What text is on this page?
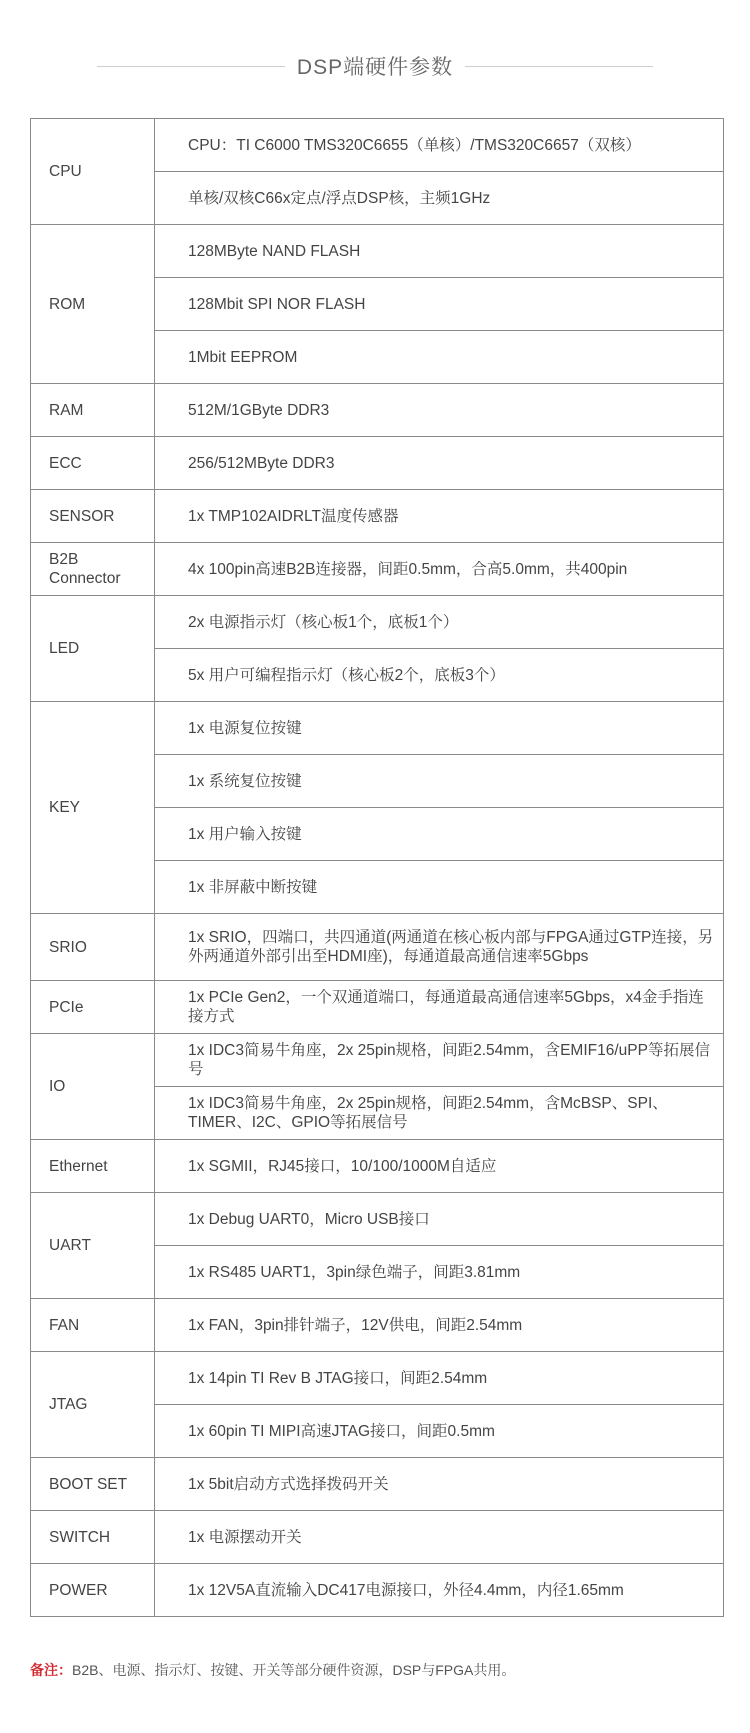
DSP端硬件参数
CPU	CPU：TI C6000 TMS320C6655（单核）/TMS320C6657（双核）
	单核/双核C66x定点/浮点DSP核，主频1GHz
ROM	128MByte NAND FLASH
	128Mbit SPI NOR FLASH
	1Mbit EEPROM
RAM	512M/1GByte DDR3
ECC	256/512MByte DDR3
SENSOR	1x TMP102AIDRLT温度传感器
B2B Connector	4x 100pin高速B2B连接器，间距0.5mm，合高5.0mm，共400pin
LED	2x 电源指示灯（核心板1个，底板1个）
	5x 用户可编程指示灯（核心板2个，底板3个）
KEY	1x 电源复位按键
	1x 系统复位按键
	1x 用户输入按键
	1x 非屏蔽中断按键
SRIO	1x SRIO，四端口，共四通道(两通道在核心板内部与FPGA通过GTP连接，另外两通道外部引出至HDMI座)，每通道最高通信速率5Gbps
PCIe	1x PCIe Gen2，一个双通道端口，每通道最高通信速率5Gbps，x4金手指连接方式
IO	1x IDC3简易牛角座，2x 25pin规格，间距2.54mm，含EMIF16/uPP等拓展信号
	1x IDC3简易牛角座，2x 25pin规格，间距2.54mm，含McBSP、SPI、TIMER、I2C、GPIO等拓展信号
Ethernet	1x SGMII，RJ45接口，10/100/1000M自适应
UART	1x Debug UART0，Micro USB接口
	1x RS485 UART1，3pin绿色端子，间距3.81mm
FAN	1x FAN，3pin排针端子，12V供电，间距2.54mm
JTAG	1x 14pin TI Rev B JTAG接口，间距2.54mm
	1x 60pin TI MIPI高速JTAG接口，间距0.5mm
BOOT SET	1x 5bit启动方式选择拨码开关
SWITCH	1x 电源摆动开关
POWER	1x 12V5A直流输入DC417电源接口，外径4.4mm，内径1.65mm
备注：B2B、电源、指示灯、按键、开关等部分硬件资源，DSP与FPGA共用。
